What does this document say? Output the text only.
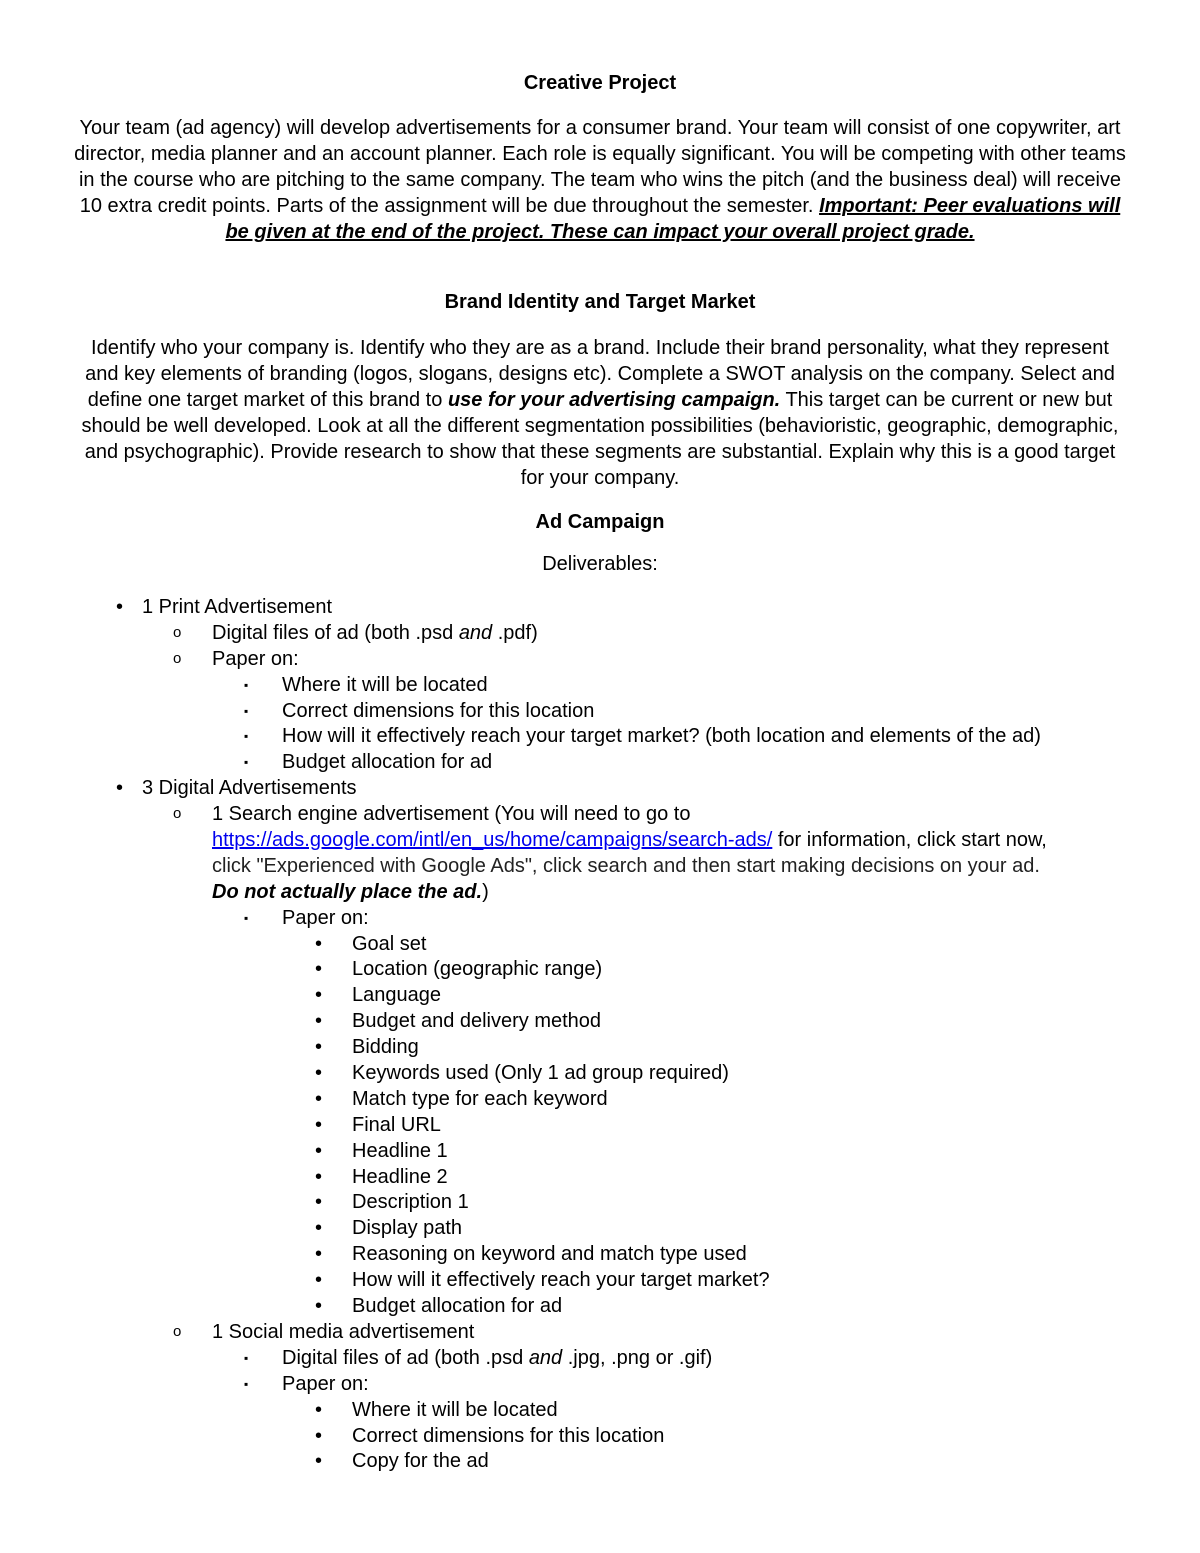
Creative Project
Your team (ad agency) will develop advertisements for a consumer brand. Your team will consist of one copywriter, art director, media planner and an account planner. Each role is equally significant. You will be competing with other teams in the course who are pitching to the same company. The team who wins the pitch (and the business deal) will receive 10 extra credit points. Parts of the assignment will be due throughout the semester. Important: Peer evaluations will be given at the end of the project. These can impact your overall project grade.
Brand Identity and Target Market
Identify who your company is. Identify who they are as a brand. Include their brand personality, what they represent and key elements of branding (logos, slogans, designs etc). Complete a SWOT analysis on the company. Select and define one target market of this brand to use for your advertising campaign. This target can be current or new but should be well developed. Look at all the different segmentation possibilities (behavioristic, geographic, demographic, and psychographic). Provide research to show that these segments are substantial. Explain why this is a good target for your company.
Ad Campaign
Deliverables:
• 1 Print Advertisement
o Digital files of ad (both .psd and .pdf)
o Paper on:
▪ Where it will be located
▪ Correct dimensions for this location
▪ How will it effectively reach your target market? (both location and elements of the ad)
▪ Budget allocation for ad
• 3 Digital Advertisements
o 1 Search engine advertisement (You will need to go to
https://ads.google.com/intl/en_us/home/campaigns/search-ads/ for information, click start now,
click "Experienced with Google Ads", click search and then start making decisions on your ad.
Do not actually place the ad.)
▪ Paper on:
• Goal set
• Location (geographic range)
• Language
• Budget and delivery method
• Bidding
• Keywords used (Only 1 ad group required)
• Match type for each keyword
• Final URL
• Headline 1
• Headline 2
• Description 1
• Display path
• Reasoning on keyword and match type used
• How will it effectively reach your target market?
• Budget allocation for ad
o 1 Social media advertisement
▪ Digital files of ad (both .psd and .jpg, .png or .gif)
▪ Paper on:
• Where it will be located
• Correct dimensions for this location
• Copy for the ad
